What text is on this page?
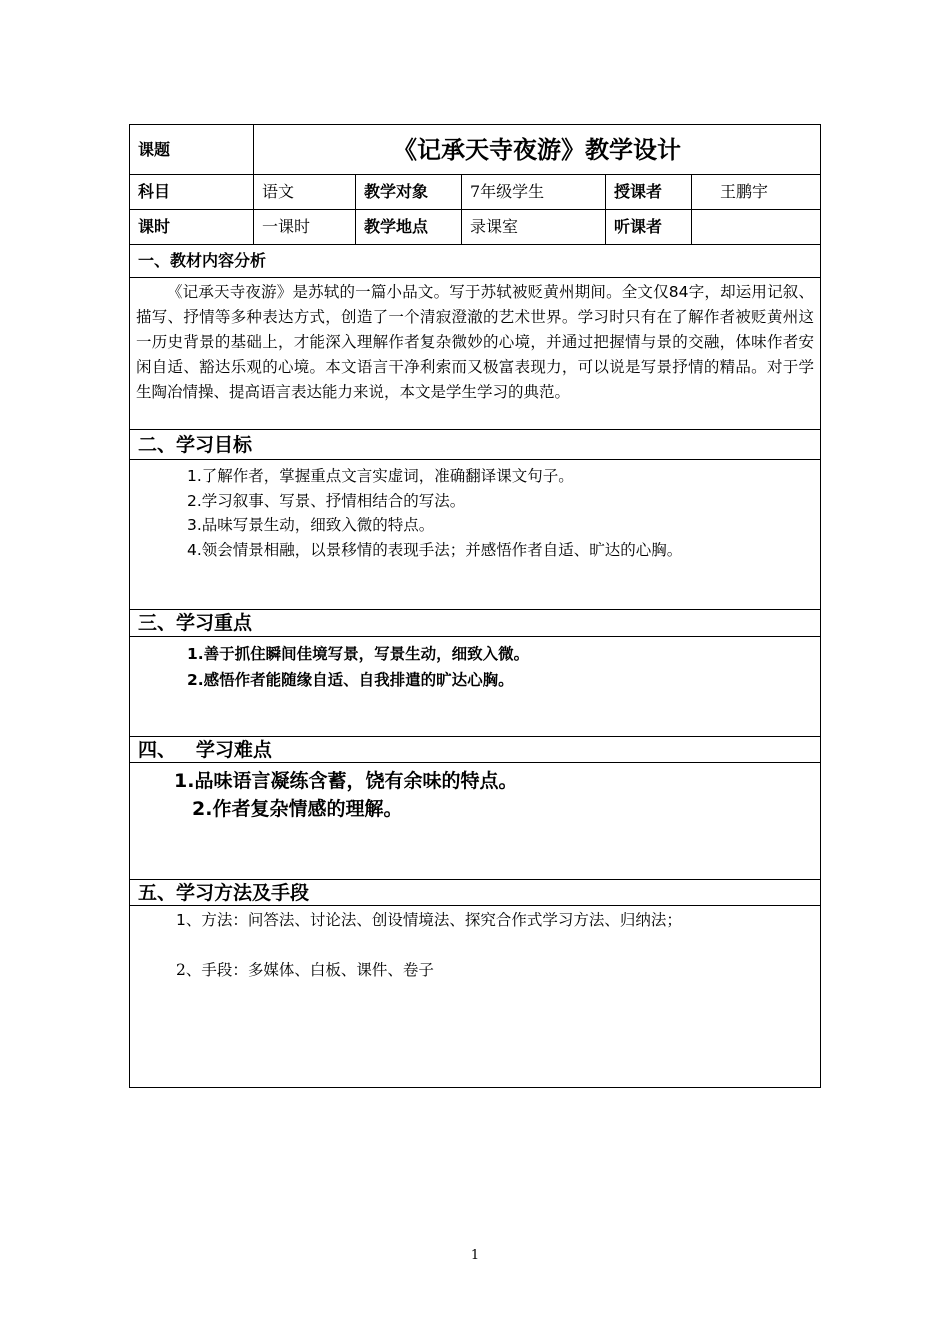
课题	《记承天寺夜游》教学设计				
科目	语文	教学对象	7年级学生	授课者	王鹏宇
课时	一课时	教学地点	录课室	听课者	
一、教材内容分析					
《记承天寺夜游》是苏轼的一篇小品文。写于苏轼被贬黄州期间。全文仅84字，却运用记叙、描写、抒情等多种表达方式，创造了一个清寂澄澈的艺术世界。学习时只有在了解作者被贬黄州这一历史背景的基础上，才能深入理解作者复杂微妙的心境，并通过把握情与景的交融，体味作者安闲自适、豁达乐观的心境。本文语言干净利索而又极富表现力，可以说是写景抒情的精品。对于学生陶冶情操、提高语言表达能力来说，本文是学生学习的典范。					
二、学习目标					

1.了解作者，掌握重点文言实虚词，准确翻译课文句子。
2.学习叙事、写景、抒情相结合的写法。
3.品味写景生动，细致入微的特点。
4.领会情景相融，以景移情的表现手法；并感悟作者自适、旷达的心胸。					

三、学习重点					

1.善于抓住瞬间佳境写景，写景生动，细致入微。
2.感悟作者能随缘自适、自我排遣的旷达心胸。					

四、   学习难点					

1.品味语言凝练含蓄，饶有余味的特点。
2.作者复杂情感的理解。					

五、学习方法及手段					

1、方法：问答法、讨论法、创设情境法、探究合作式学习方法、归纳法；
2、手段：多媒体、白板、课件、卷子					
1
